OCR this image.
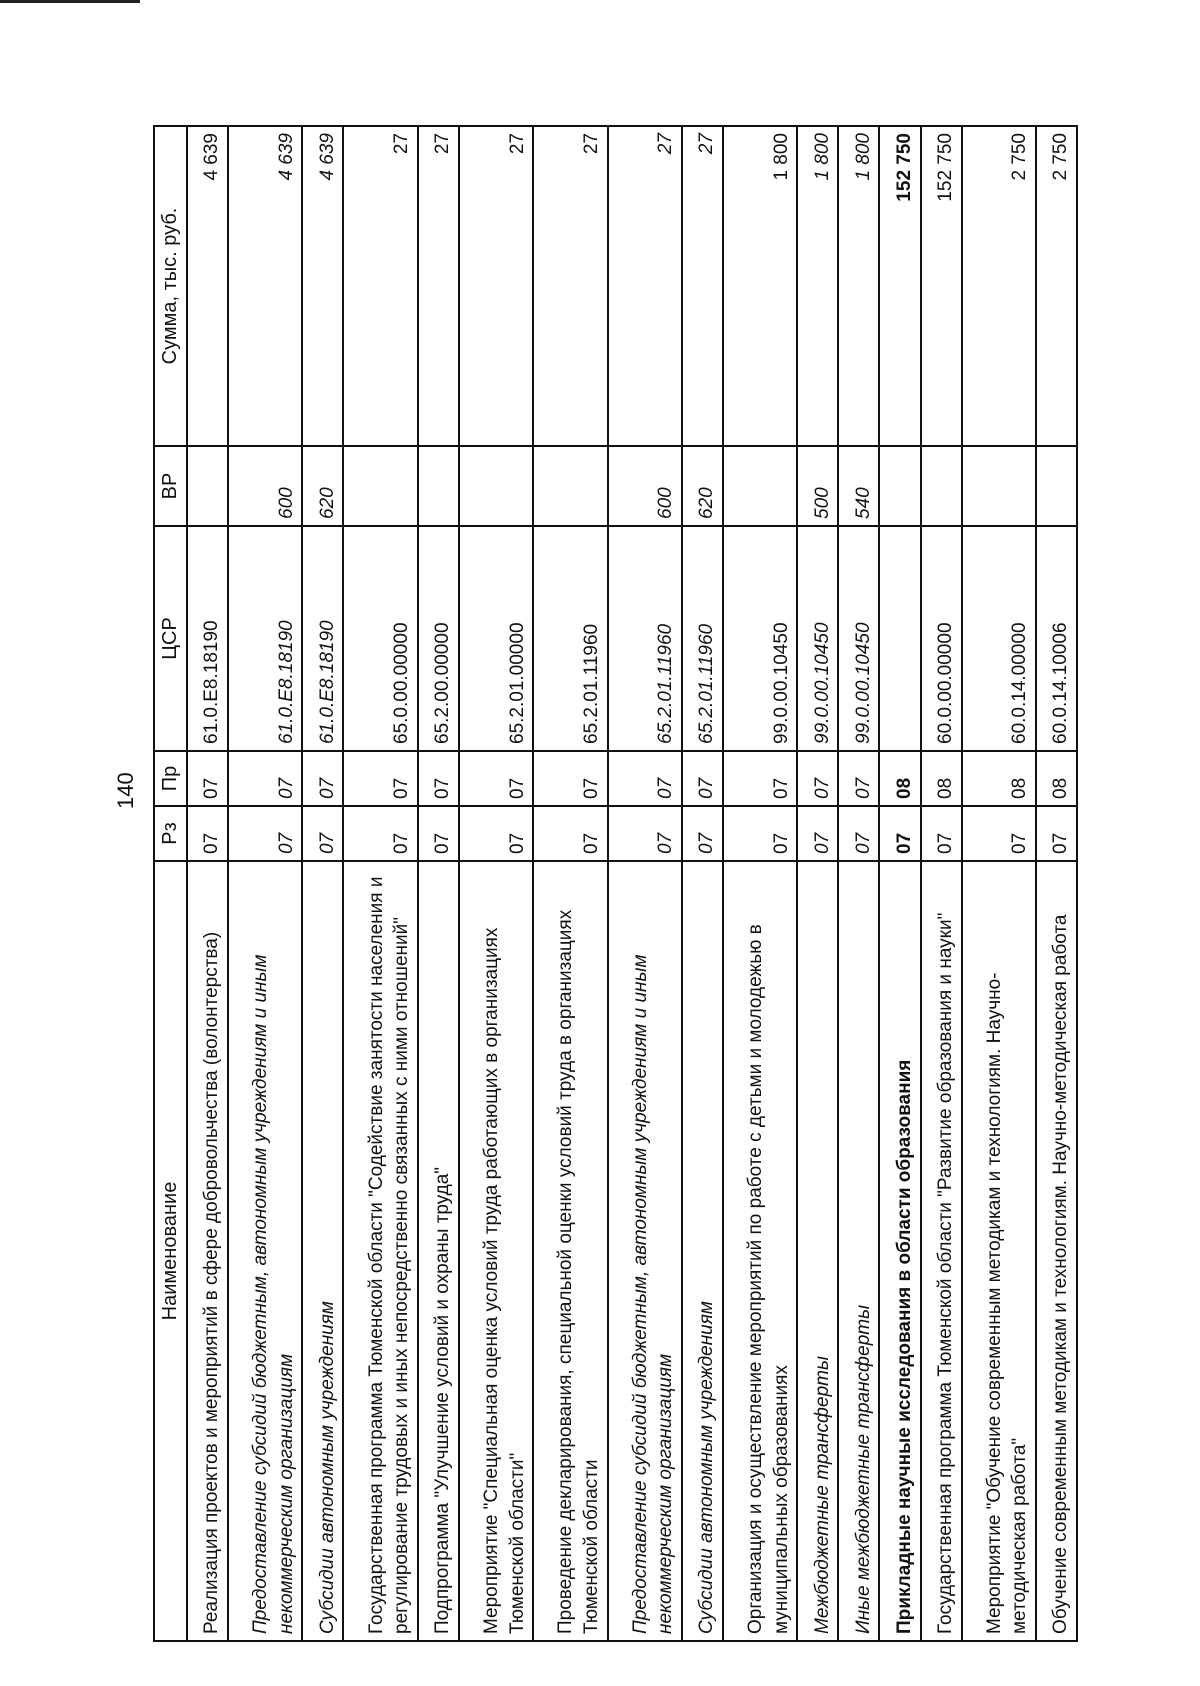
140
Наименование	Рз	Пр	ЦСР	ВР	Сумма, тыс. руб.
Реализация проектов и мероприятий в сфере добровольчества (волонтерства)	07	07	61.0.E8.18190		4 639
Предоставление субсидий бюджетным, автономным учреждениям и иным некоммерческим организациям	07	07	61.0.E8.18190	600	4 639
Субсидии автономным учреждениям	07	07	61.0.E8.18190	620	4 639
Государственная программа Тюменской области "Содействие занятости населения и регулирование трудовых и иных непосредственно связанных с ними отношений"	07	07	65.0.00.00000		27
Подпрограмма "Улучшение условий и охраны труда"	07	07	65.2.00.00000		27
Мероприятие "Специальная оценка условий труда работающих в организациях Тюменской области"	07	07	65.2.01.00000		27
Проведение декларирования, специальной оценки условий труда в организациях Тюменской области	07	07	65.2.01.11960		27
Предоставление субсидий бюджетным, автономным учреждениям и иным некоммерческим организациям	07	07	65.2.01.11960	600	27
Субсидии автономным учреждениям	07	07	65.2.01.11960	620	27
Организация и осуществление мероприятий по работе с детьми и молодежью в муниципальных образованиях	07	07	99.0.00.10450		1 800
Межбюджетные трансферты	07	07	99.0.00.10450	500	1 800
Иные межбюджетные трансферты	07	07	99.0.00.10450	540	1 800
Прикладные научные исследования в области образования	07	08			152 750
Государственная программа Тюменской области "Развитие образования и науки"	07	08	60.0.00.00000		152 750
Мероприятие "Обучение современным методикам и технологиям. Научно-методическая работа"	07	08	60.0.14.00000		2 750
Обучение современным методикам и технологиям. Научно-методическая работа	07	08	60.0.14.10006		2 750
